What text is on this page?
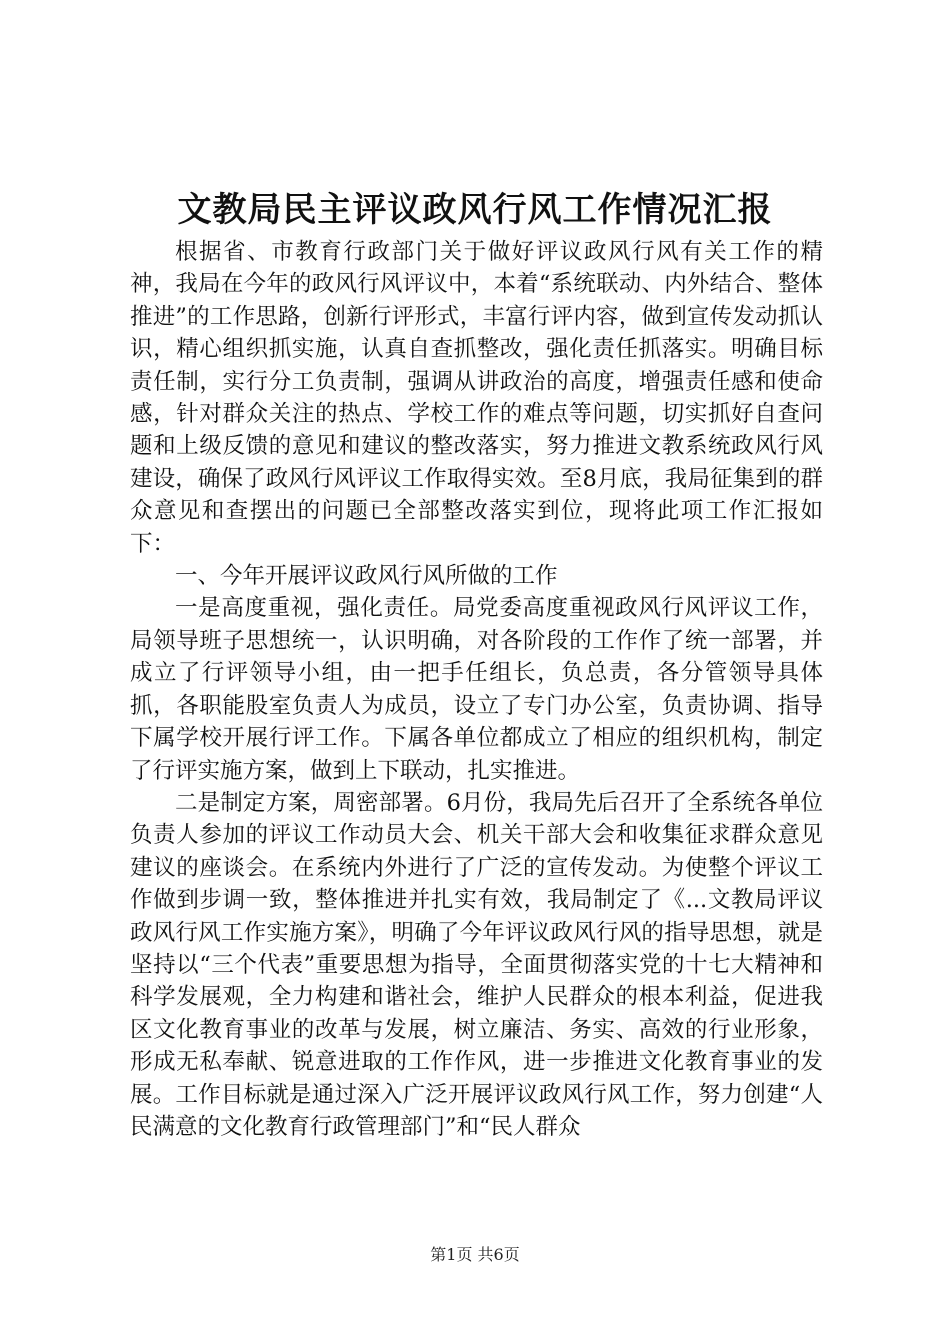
文教局民主评议政风行风工作情况汇报

根据省、市教育行政部门关于做好评议政风行风有关工作的精神，我局在今年的政风行风评议中，本着“系统联动、内外结合、整体推进”的工作思路，创新行评形式，丰富行评内容，做到宣传发动抓认识，精心组织抓实施，认真自查抓整改，强化责任抓落实。明确目标责任制，实行分工负责制，强调从讲政治的高度，增强责任感和使命感，针对群众关注的热点、学校工作的难点等问题，切实抓好自查问题和上级反馈的意见和建议的整改落实，努力推进文教系统政风行风建设，确保了政风行风评议工作取得实效。至8月底，我局征集到的群众意见和查摆出的问题已全部整改落实到位，现将此项工作汇报如下：

一、今年开展评议政风行风所做的工作

一是高度重视，强化责任。局党委高度重视政风行风评议工作，局领导班子思想统一，认识明确，对各阶段的工作作了统一部署，并成立了行评领导小组，由一把手任组长，负总责，各分管领导具体抓，各职能股室负责人为成员，设立了专门办公室，负责协调、指导下属学校开展行评工作。下属各单位都成立了相应的组织机构，制定了行评实施方案，做到上下联动，扎实推进。

二是制定方案，周密部署。6月份，我局先后召开了全系统各单位负责人参加的评议工作动员大会、机关干部大会和收集征求群众意见建议的座谈会。在系统内外进行了广泛的宣传发动。为使整个评议工作做到步调一致，整体推进并扎实有效，我局制定了《...文教局评议政风行风工作实施方案》，明确了今年评议政风行风的指导思想，就是坚持以“三个代表”重要思想为指导，全面贯彻落实党的十七大精神和科学发展观，全力构建和谐社会，维护人民群众的根本利益，促进我区文化教育事业的改革与发展，树立廉洁、务实、高效的行业形象，形成无私奉献、锐意进取的工作作风，进一步推进文化教育事业的发展。工作目标就是通过深入广泛开展评议政风行风工作，努力创建“人民满意的文化教育行政管理部门”和“民人群众

第1页 共6页
